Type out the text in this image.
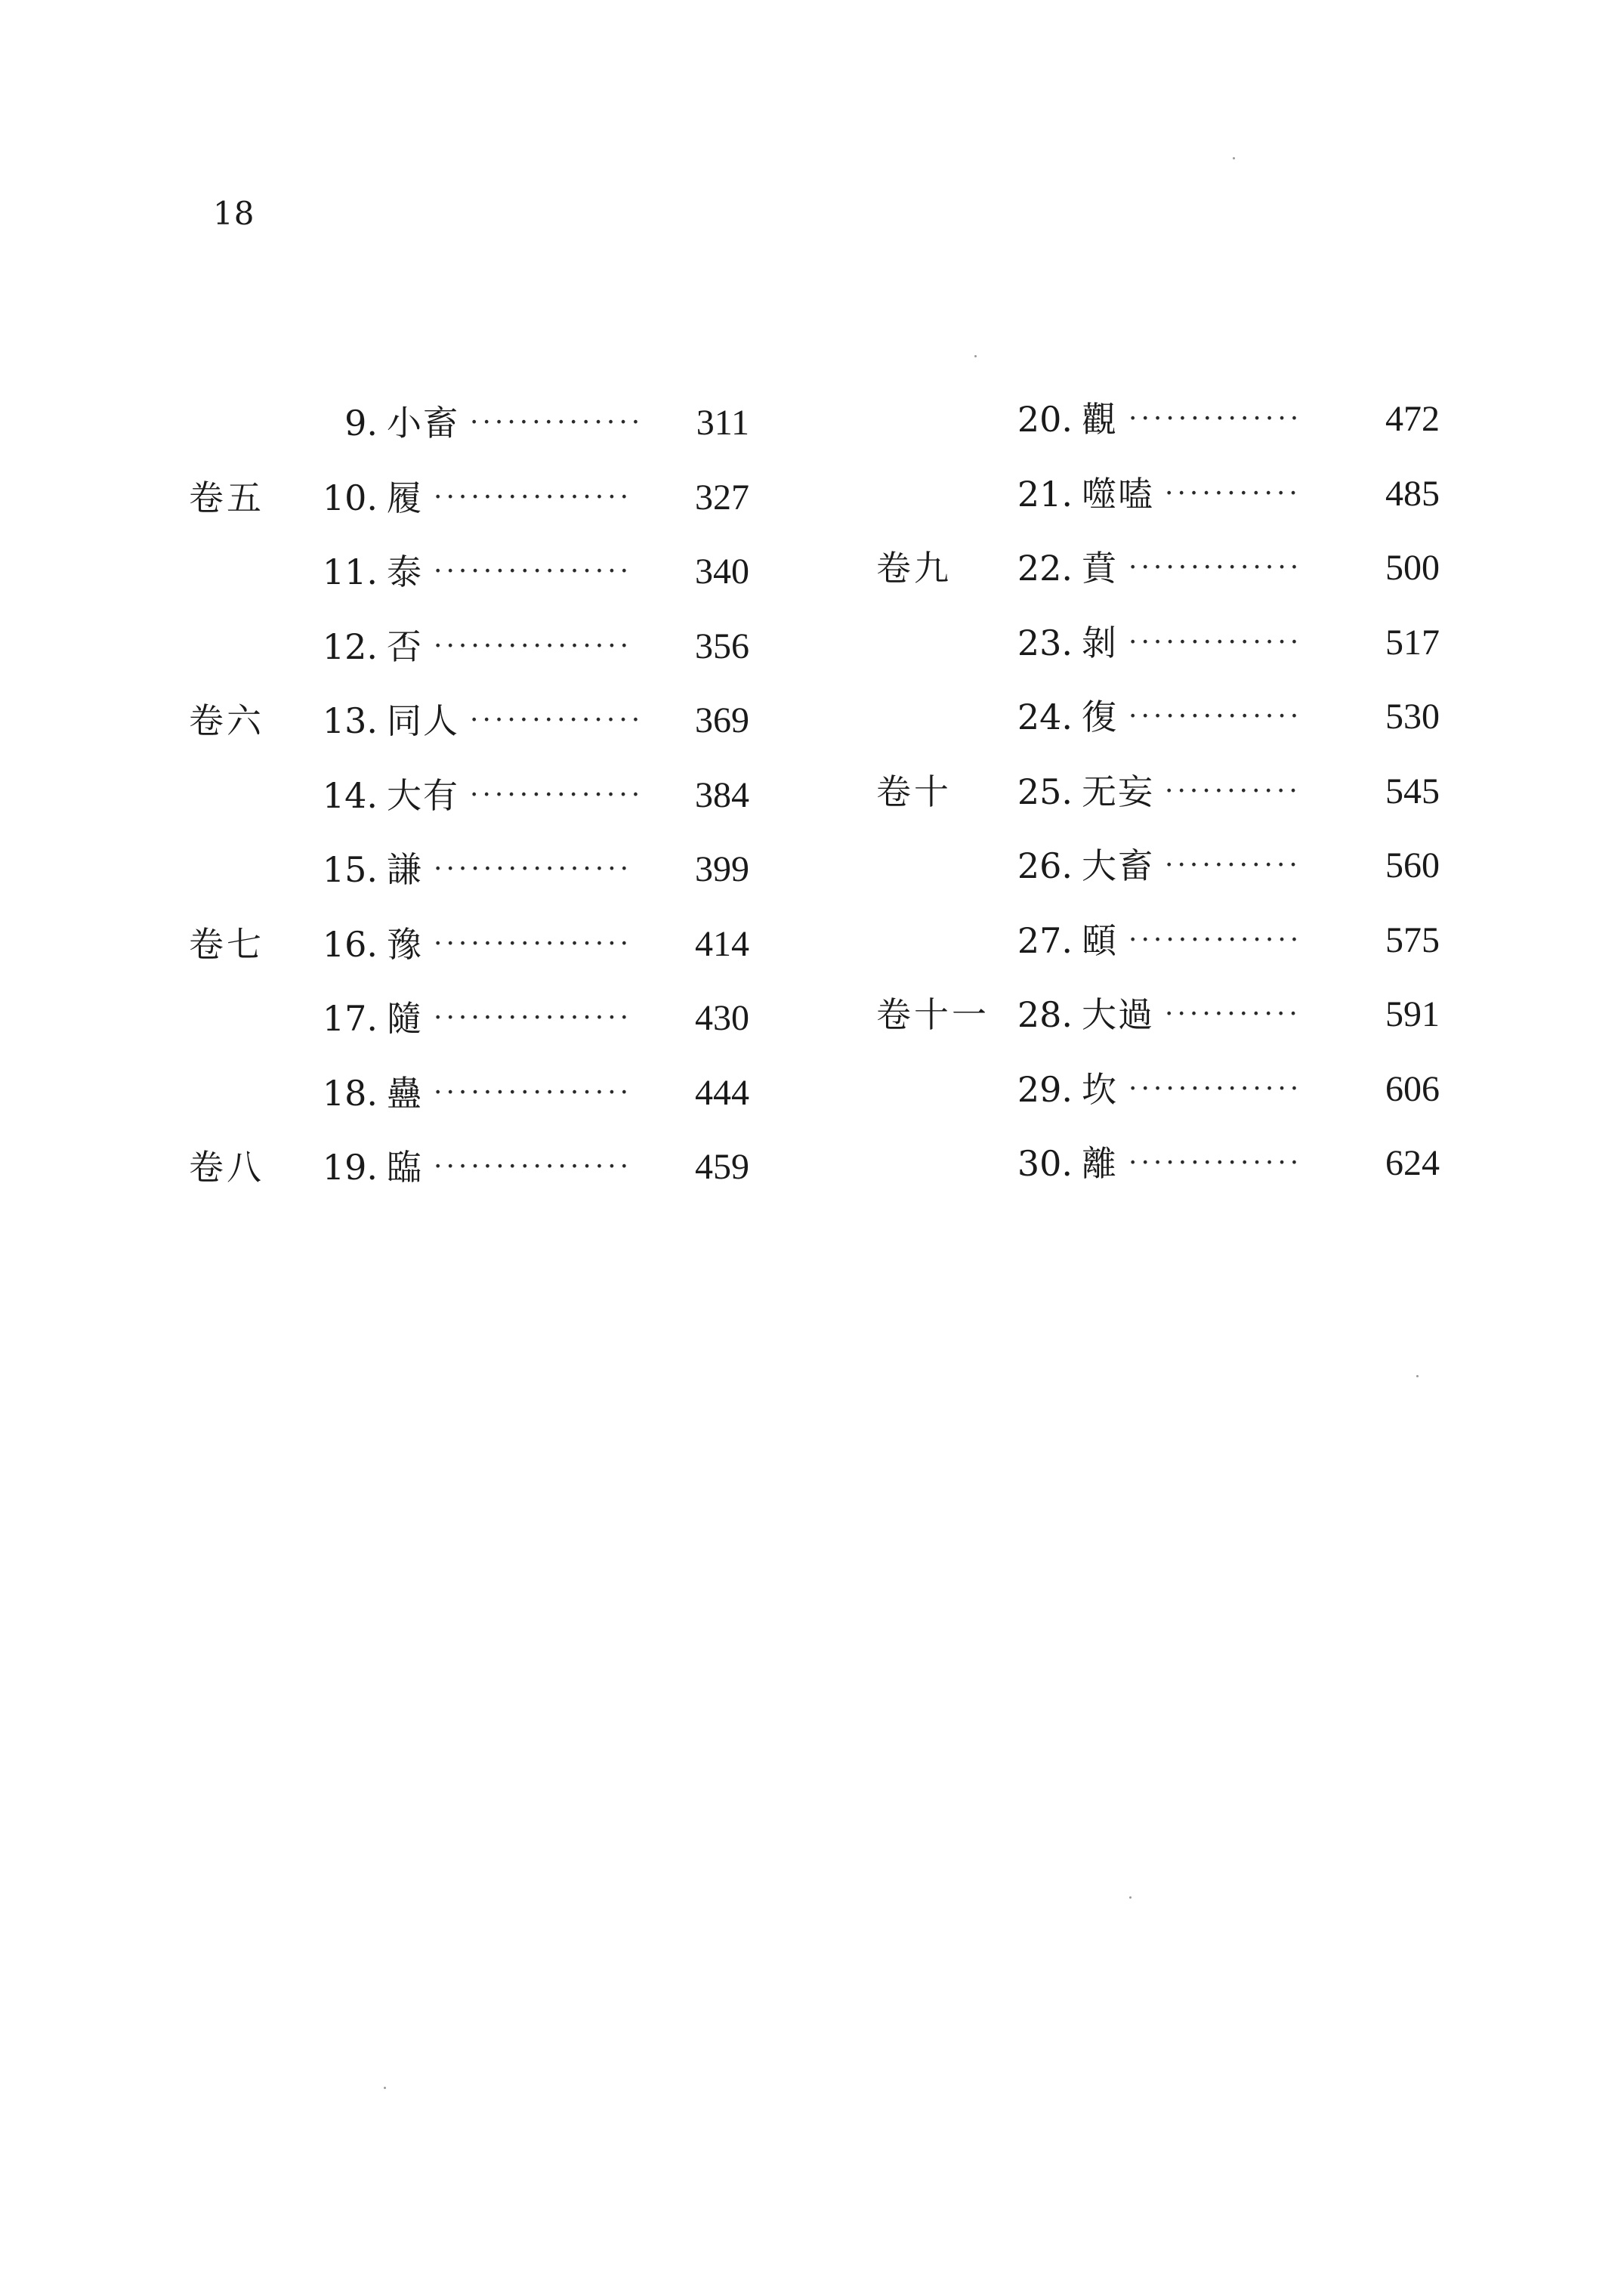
18
9. 小畜 ··············	311
卷五	10. 履 ················	327
11. 泰 ················	340
12. 否 ················	356
卷六	13. 同人 ··············	369
14. 大有 ··············	384
15. 謙 ················	399
卷七	16. 豫 ················	414
17. 隨 ················	430
18. 蠱 ················	444
卷八	19. 臨 ················	459
20. 觀 ··············	472
21. 噬嗑 ···········	485
卷九	22. 賁 ··············	500
23. 剝 ··············	517
24. 復 ··············	530
卷十	25. 无妄 ···········	545
26. 大畜 ···········	560
27. 頤 ··············	575
卷十一 28. 大過 ···········	591
29. 坎 ··············	606
30. 離 ··············	624
